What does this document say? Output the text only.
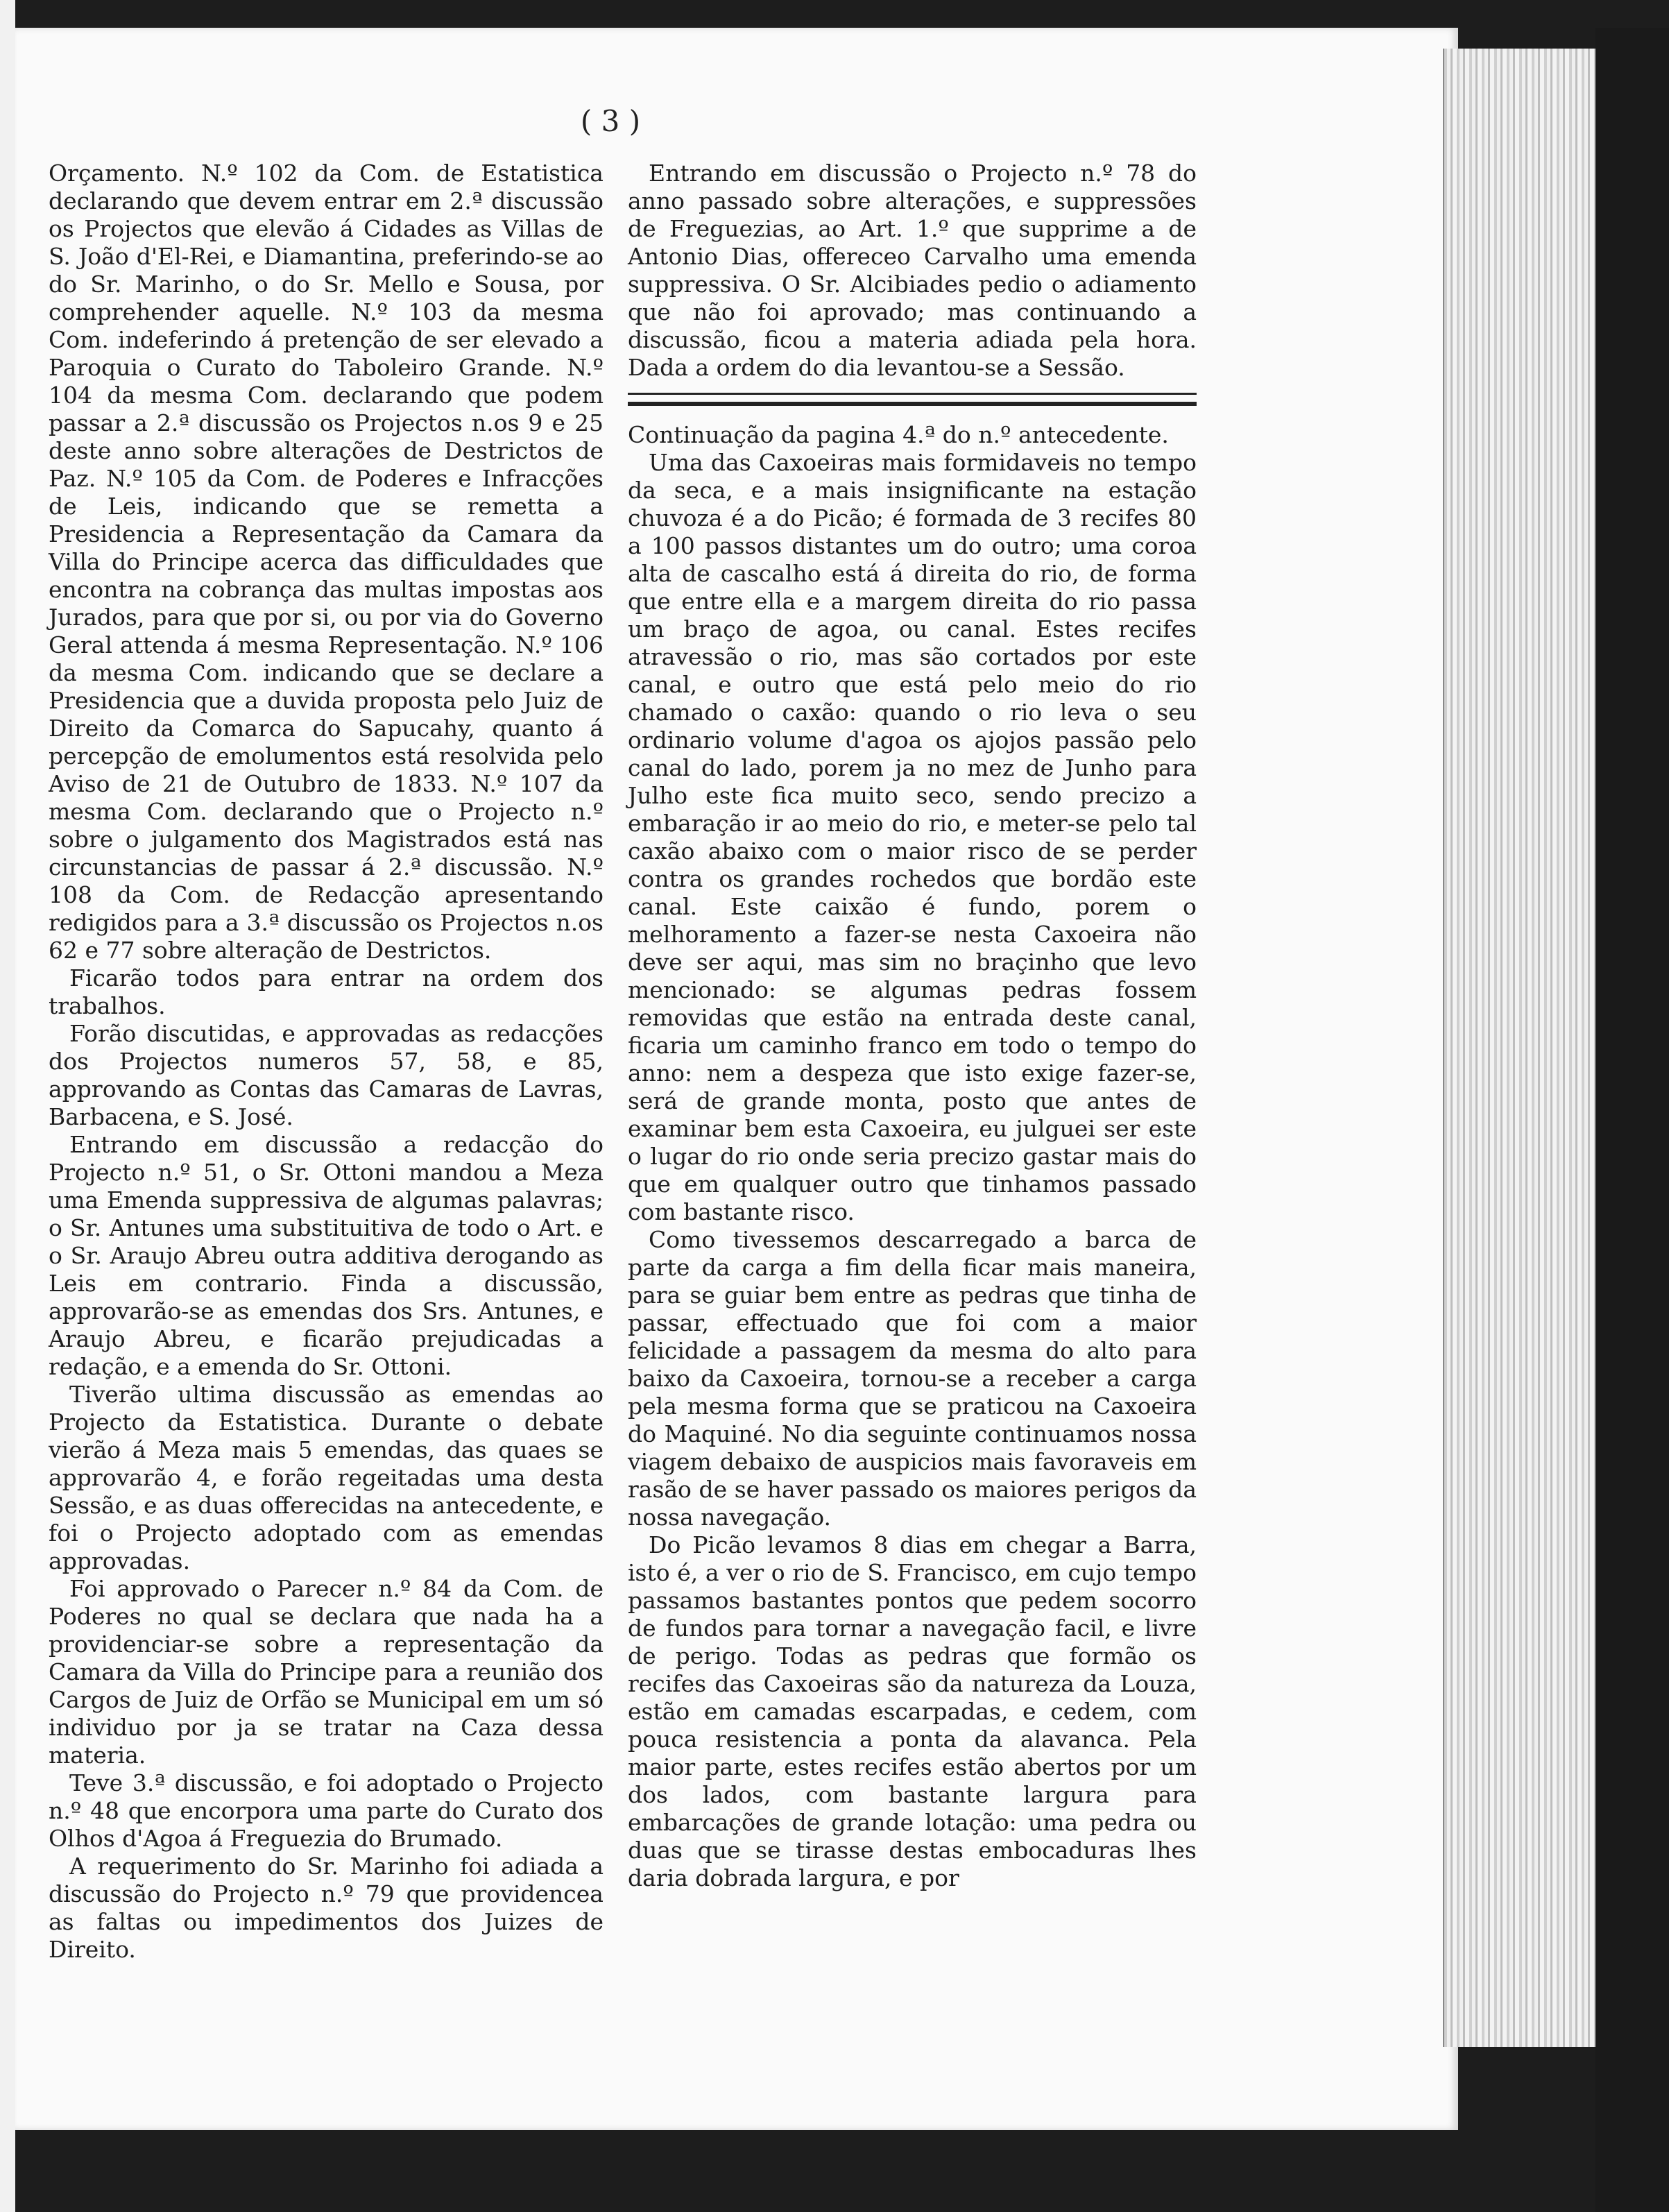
( 3 )

Orçamento. N.º 102 da Com. de Estatistica declarando que devem entrar em 2.ª discussão os Projectos que elevão á Cidades as Villas de S. João d'El-Rei, e Diamantina, preferindo-se ao do Sr. Marinho, o do Sr. Mello e Sousa, por comprehender aquelle. N.º 103 da mesma Com. indeferindo á pretenção de ser elevado a Paroquia o Curato do Taboleiro Grande. N.º 104 da mesma Com. declarando que podem passar a 2.ª discussão os Projectos n.os 9 e 25 deste anno sobre alterações de Destrictos de Paz. N.º 105 da Com. de Poderes e Infracções de Leis, indicando que se remetta a Presidencia a Representação da Camara da Villa do Principe acerca das difficuldades que encontra na cobrança das multas impostas aos Jurados, para que por si, ou por via do Governo Geral attenda á mesma Representação. N.º 106 da mesma Com. indicando que se declare a Presidencia que a duvida proposta pelo Juiz de Direito da Comarca do Sapucahy, quanto á percepção de emolumentos está resolvida pelo Aviso de 21 de Outubro de 1833. N.º 107 da mesma Com. declarando que o Projecto n.º sobre o julgamento dos Magistrados está nas circunstancias de passar á 2.ª discussão. N.º 108 da Com. de Redacção apresentando redigidos para a 3.ª discussão os Projectos n.os 62 e 77 sobre alteração de Destrictos.

Ficarão todos para entrar na ordem dos trabalhos.

Forão discutidas, e approvadas as redacções dos Projectos numeros 57, 58, e 85, approvando as Contas das Camaras de Lavras, Barbacena, e S. José.

Entrando em discussão a redacção do Projecto n.º 51, o Sr. Ottoni mandou a Meza uma Emenda suppressiva de algumas palavras; o Sr. Antunes uma substituitiva de todo o Art. e o Sr. Araujo Abreu outra additiva derogando as Leis em contrario. Finda a discussão, approvarão-se as emendas dos Srs. Antunes, e Araujo Abreu, e ficarão prejudicadas a redação, e a emenda do Sr. Ottoni.

Tiverão ultima discussão as emendas ao Projecto da Estatistica. Durante o debate vierão á Meza mais 5 emendas, das quaes se approvarão 4, e forão regeitadas uma desta Sessão, e as duas offerecidas na antecedente, e foi o Projecto adoptado com as emendas approvadas.

Foi approvado o Parecer n.º 84 da Com. de Poderes no qual se declara que nada ha a providenciar-se sobre a representação da Camara da Villa do Principe para a reunião dos Cargos de Juiz de Orfão se Municipal em um só individuo por ja se tratar na Caza dessa materia.

Teve 3.ª discussão, e foi adoptado o Projecto n.º 48 que encorpora uma parte do Curato dos Olhos d'Agoa á Freguezia do Brumado.

A requerimento do Sr. Marinho foi adiada a discussão do Projecto n.º 79 que providencea as faltas ou impedimentos dos Juizes de Direito.

Entrando em discussão o Projecto n.º 78 do anno passado sobre alterações, e suppressões de Freguezias, ao Art. 1.º que supprime a de Antonio Dias, offereceo Carvalho uma emenda suppressiva. O Sr. Alcibiades pedio o adiamento que não foi aprovado; mas continuando a discussão, ficou a materia adiada pela hora. Dada a ordem do dia levantou-se a Sessão.

Continuação da pagina 4.ª do n.º antecedente.

Uma das Caxoeiras mais formidaveis no tempo da seca, e a mais insignificante na estação chuvoza é a do Picão; é formada de 3 recifes 80 a 100 passos distantes um do outro; uma coroa alta de cascalho está á direita do rio, de forma que entre ella e a margem direita do rio passa um braço de agoa, ou canal. Estes recifes atravessão o rio, mas são cortados por este canal, e outro que está pelo meio do rio chamado o caxão: quando o rio leva o seu ordinario volume d'agoa os ajojos passão pelo canal do lado, porem ja no mez de Junho para Julho este fica muito seco, sendo precizo a embaração ir ao meio do rio, e meter-se pelo tal caxão abaixo com o maior risco de se perder contra os grandes rochedos que bordão este canal. Este caixão é fundo, porem o melhoramento a fazer-se nesta Caxoeira não deve ser aqui, mas sim no braçinho que levo mencionado: se algumas pedras fossem removidas que estão na entrada deste canal, ficaria um caminho franco em todo o tempo do anno: nem a despeza que isto exige fazer-se, será de grande monta, posto que antes de examinar bem esta Caxoeira, eu julguei ser este o lugar do rio onde seria precizo gastar mais do que em qualquer outro que tinhamos passado com bastante risco.

Como tivessemos descarregado a barca de parte da carga a fim della ficar mais maneira, para se guiar bem entre as pedras que tinha de passar, effectuado que foi com a maior felicidade a passagem da mesma do alto para baixo da Caxoeira, tornou-se a receber a carga pela mesma forma que se praticou na Caxoeira do Maquiné. No dia seguinte continuamos nossa viagem debaixo de auspicios mais favoraveis em rasão de se haver passado os maiores perigos da nossa navegação.

Do Picão levamos 8 dias em chegar a Barra, isto é, a ver o rio de S. Francisco, em cujo tempo passamos bastantes pontos que pedem socorro de fundos para tornar a navegação facil, e livre de perigo. Todas as pedras que formão os recifes das Caxoeiras são da natureza da Louza, estão em camadas escarpadas, e cedem, com pouca resistencia a ponta da alavanca. Pela maior parte, estes recifes estão abertos por um dos lados, com bastante largura para embarcações de grande lotação: uma pedra ou duas que se tirasse destas embocaduras lhes daria dobrada largura, e por
